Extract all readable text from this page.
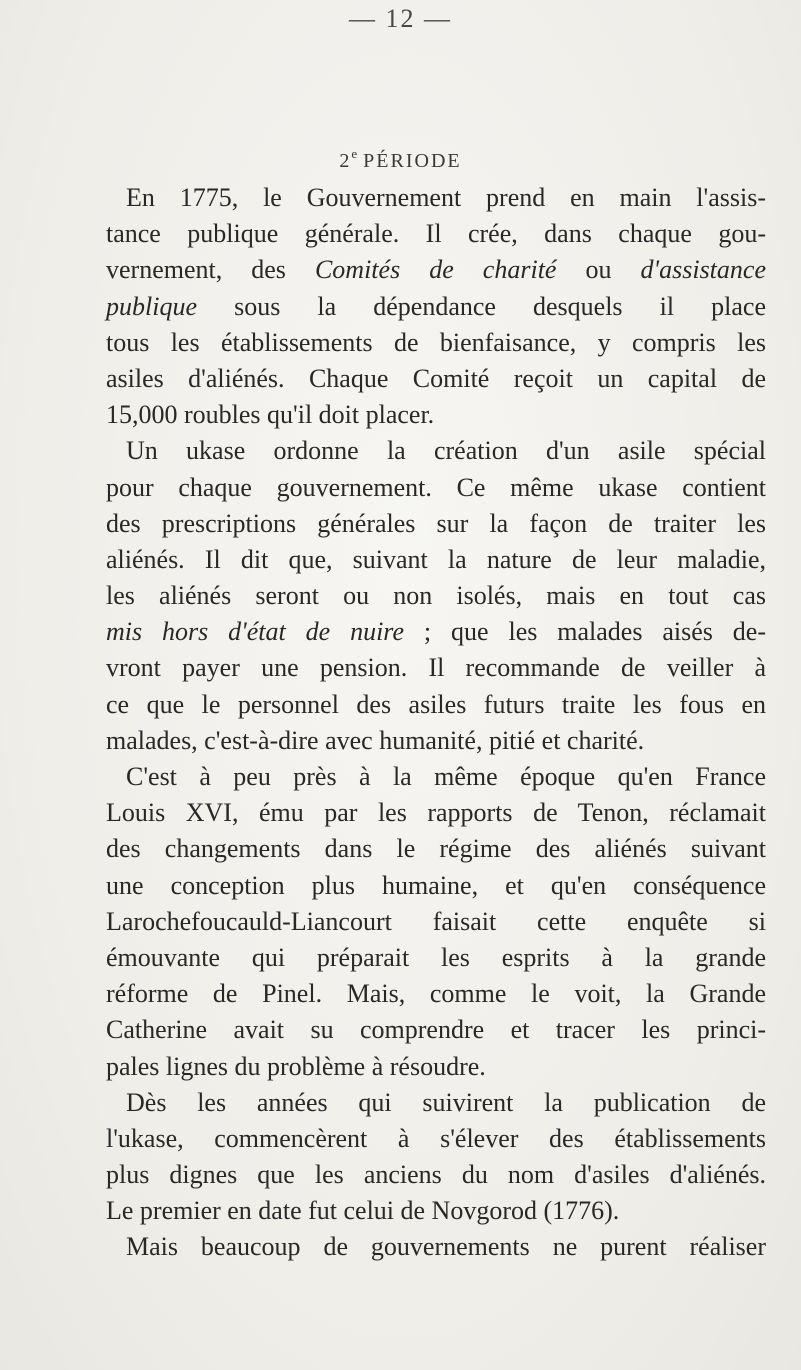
— 12 —
2e PÉRIODE
En 1775, le Gouvernement prend en main l'assis-
tance publique générale. Il crée, dans chaque gou-
vernement, des Comités de charité ou d'assistance
publique sous la dépendance desquels il place
tous les établissements de bienfaisance, y compris les
asiles d'aliénés. Chaque Comité reçoit un capital de
15,000 roubles qu'il doit placer.
Un ukase ordonne la création d'un asile spécial
pour chaque gouvernement. Ce même ukase contient
des prescriptions générales sur la façon de traiter les
aliénés. Il dit que, suivant la nature de leur maladie,
les aliénés seront ou non isolés, mais en tout cas
mis hors d'état de nuire ; que les malades aisés de-
vront payer une pension. Il recommande de veiller à
ce que le personnel des asiles futurs traite les fous en
malades, c'est-à-dire avec humanité, pitié et charité.
C'est à peu près à la même époque qu'en France
Louis XVI, ému par les rapports de Tenon, réclamait
des changements dans le régime des aliénés suivant
une conception plus humaine, et qu'en conséquence
Larochefoucauld-Liancourt faisait cette enquête si
émouvante qui préparait les esprits à la grande
réforme de Pinel. Mais, comme le voit, la Grande
Catherine avait su comprendre et tracer les princi-
pales lignes du problème à résoudre.
Dès les années qui suivirent la publication de
l'ukase, commencèrent à s'élever des établissements
plus dignes que les anciens du nom d'asiles d'aliénés.
Le premier en date fut celui de Novgorod (1776).
Mais beaucoup de gouvernements ne purent réaliser
